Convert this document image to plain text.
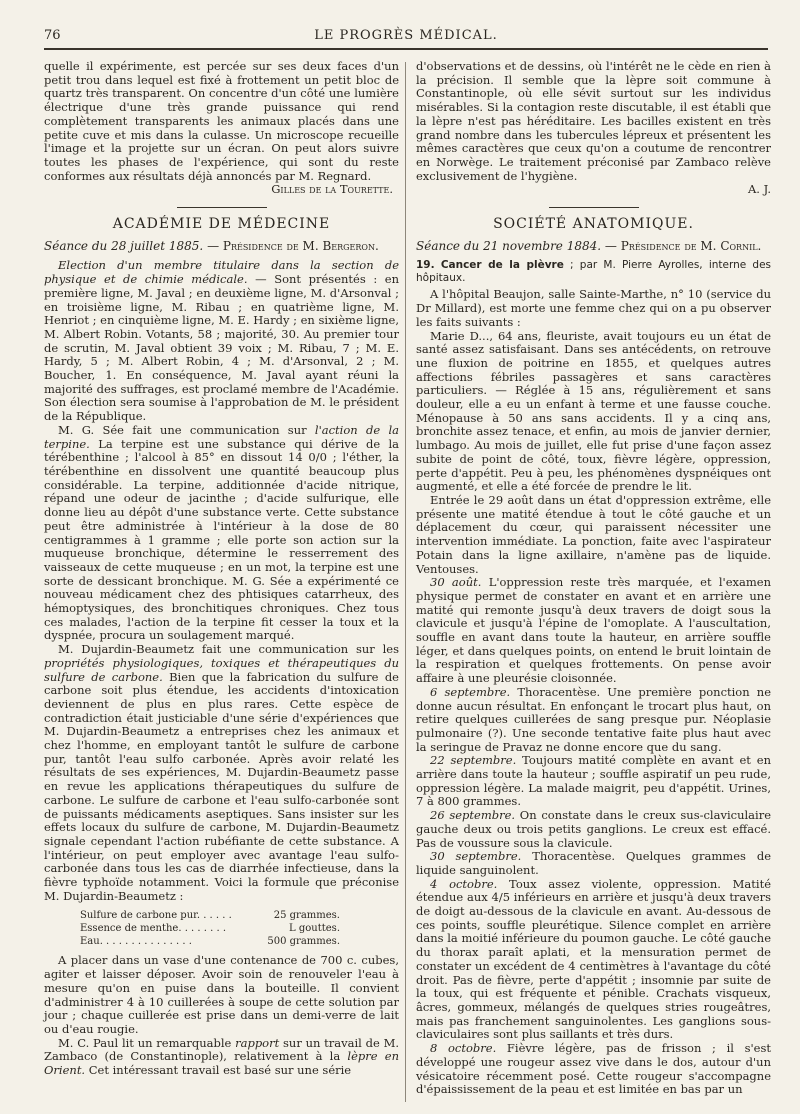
76	LE PROGRÈS MÉDICAL.

quelle il expérimente, est percée sur ses deux faces d'un petit trou dans lequel est fixé à frottement un petit bloc de quartz très transparent. On concentre d'un côté une lumière électrique d'une très grande puissance qui rend complètement transparents les animaux placés dans une petite cuve et mis dans la culasse. Un microscope recueille l'image et la projette sur un écran. On peut alors suivre toutes les phases de l'expérience, qui sont du reste conformes aux résultats déjà annoncés par M. Regnard.

Gilles de la Tourette.

ACADÉMIE DE MÉDECINE

Séance du 28 juillet 1885. — Présidence de M. Bergeron.

Election d'un membre titulaire dans la section de physique et de chimie médicale. — Sont présentés : en première ligne, M. Javal ; en deuxième ligne, M. d'Arsonval ; en troisième ligne, M. Ribau ; en quatrième ligne, M. Henriot ; en cinquième ligne, M. E. Hardy ; en sixième ligne, M. Albert Robin. Votants, 58 ; majorité, 30. Au premier tour de scrutin, M. Javal obtient 39 voix ; M. Ribau, 7 ; M. E. Hardy, 5 ; M. Albert Robin, 4 ; M. d'Arsonval, 2 ; M. Boucher, 1. En conséquence, M. Javal ayant réuni la majorité des suffrages, est proclamé membre de l'Académie. Son élection sera soumise à l'approbation de M. le président de la République.

M. G. Sée fait une communication sur l'action de la terpine. La terpine est une substance qui dérive de la térébenthine ; l'alcool à 85° en dissout 14 0/0 ; l'éther, la térébenthine en dissolvent une quantité beaucoup plus considérable. La terpine, additionnée d'acide nitrique, répand une odeur de jacinthe ; d'acide sulfurique, elle donne lieu au dépôt d'une substance verte. Cette substance peut être administrée à l'intérieur à la dose de 80 centigrammes à 1 gramme ; elle porte son action sur la muqueuse bronchique, détermine le resserrement des vaisseaux de cette muqueuse ; en un mot, la terpine est une sorte de dessicant bronchique. M. G. Sée a expérimenté ce nouveau médicament chez des phtisiques catarrheux, des hémoptysiques, des bronchitiques chroniques. Chez tous ces malades, l'action de la terpine fit cesser la toux et la dyspnée, procura un soulagement marqué.

M. Dujardin-Beaumetz fait une communication sur les propriétés physiologiques, toxiques et thérapeutiques du sulfure de carbone. Bien que la fabrication du sulfure de carbone soit plus étendue, les accidents d'intoxication deviennent de plus en plus rares. Cette espèce de contradiction était justiciable d'une série d'expériences que M. Dujardin-Beaumetz a entreprises chez les animaux et chez l'homme, en employant tantôt le sulfure de carbone pur, tantôt l'eau sulfo carbonée. Après avoir relaté les résultats de ses expériences, M. Dujardin-Beaumetz passe en revue les applications thérapeutiques du sulfure de carbone. Le sulfure de carbone et l'eau sulfo-carbonée sont de puissants médicaments aseptiques. Sans insister sur les effets locaux du sulfure de carbone, M. Dujardin-Beaumetz signale cependant l'action rubéfiante de cette substance. A l'intérieur, on peut employer avec avantage l'eau sulfo-carbonée dans tous les cas de diarrhée infectieuse, dans la fièvre typhoïde notamment. Voici la formule que préconise M. Dujardin-Beaumetz :

Sulfure de carbone pur. . . . . .	25 grammes.
Essence de menthe. . . . . . . .	L gouttes.
Eau. . . . . . . . . . . . . . .	500 grammes.

A placer dans un vase d'une contenance de 700 c. cubes, agiter et laisser déposer. Avoir soin de renouveler l'eau à mesure qu'on en puise dans la bouteille. Il convient d'administrer 4 à 10 cuillerées à soupe de cette solution par jour ; chaque cuillerée est prise dans un demi-verre de lait ou d'eau rougie.

M. C. Paul lit un remarquable rapport sur un travail de M. Zambaco (de Constantinople), relativement à la lèpre en Orient. Cet intéressant travail est basé sur une série

d'observations et de dessins, où l'intérêt ne le cède en rien à la précision. Il semble que la lèpre soit commune à Constantinople, où elle sévit surtout sur les individus misérables. Si la contagion reste discutable, il est établi que la lèpre n'est pas héréditaire. Les bacilles existent en très grand nombre dans les tubercules lépreux et présentent les mêmes caractères que ceux qu'on a coutume de rencontrer en Norwège. Le traitement préconisé par Zambaco relève exclusivement de l'hygiène.

A. J.

SOCIÉTÉ ANATOMIQUE.

Séance du 21 novembre 1884. — Présidence de M. Cornil.

19. Cancer de la plèvre ; par M. Pierre Ayrolles, interne des hôpitaux.

A l'hôpital Beaujon, salle Sainte-Marthe, n° 10 (service du Dr Millard), est morte une femme chez qui on a pu observer les faits suivants :

Marie D..., 64 ans, fleuriste, avait toujours eu un état de santé assez satisfaisant. Dans ses antécédents, on retrouve une fluxion de poitrine en 1855, et quelques autres affections fébriles passagères et sans caractères particuliers. — Réglée à 15 ans, régulièrement et sans douleur, elle a eu un enfant à terme et une fausse couche. Ménopause à 50 ans sans accidents. Il y a cinq ans, bronchite assez tenace, et enfin, au mois de janvier dernier, lumbago. Au mois de juillet, elle fut prise d'une façon assez subite de point de côté, toux, fièvre légère, oppression, perte d'appétit. Peu à peu, les phénomènes dyspnéiques ont augmenté, et elle a été forcée de prendre le lit.

Entrée le 29 août dans un état d'oppression extrême, elle présente une matité étendue à tout le côté gauche et un déplacement du cœur, qui paraissent nécessiter une intervention immédiate. La ponction, faite avec l'aspirateur Potain dans la ligne axillaire, n'amène pas de liquide. Ventouses.

30 août. L'oppression reste très marquée, et l'examen physique permet de constater en avant et en arrière une matité qui remonte jusqu'à deux travers de doigt sous la clavicule et jusqu'à l'épine de l'omoplate. A l'auscultation, souffle en avant dans toute la hauteur, en arrière souffle léger, et dans quelques points, on entend le bruit lointain de la respiration et quelques frottements. On pense avoir affaire à une pleurésie cloisonnée.

6 septembre. Thoracentèse. Une première ponction ne donne aucun résultat. En enfonçant le trocart plus haut, on retire quelques cuillerées de sang presque pur. Néoplasie pulmonaire (?). Une seconde tentative faite plus haut avec la seringue de Pravaz ne donne encore que du sang.

22 septembre. Toujours matité complète en avant et en arrière dans toute la hauteur ; souffle aspiratif un peu rude, oppression légère. La malade maigrit, peu d'appétit. Urines, 7 à 800 grammes.

26 septembre. On constate dans le creux sus-claviculaire gauche deux ou trois petits ganglions. Le creux est effacé. Pas de voussure sous la clavicule.

30 septembre. Thoracentèse. Quelques grammes de liquide sanguinolent.

4 octobre. Toux assez violente, oppression. Matité étendue aux 4/5 inférieurs en arrière et jusqu'à deux travers de doigt au-dessous de la clavicule en avant. Au-dessous de ces points, souffle pleurétique. Silence complet en arrière dans la moitié inférieure du poumon gauche. Le côté gauche du thorax paraît aplati, et la mensuration permet de constater un excédent de 4 centimètres à l'avantage du côté droit. Pas de fièvre, perte d'appétit ; insomnie par suite de la toux, qui est fréquente et pénible. Crachats visqueux, âcres, gommeux, mélangés de quelques stries rougeâtres, mais pas franchement sanguinolentes. Les ganglions sous-claviculaires sont plus saillants et très durs.

8 octobre. Fièvre légère, pas de frisson ; il s'est développé une rougeur assez vive dans le dos, autour d'un vésicatoire récemment posé. Cette rougeur s'accompagne d'épaississement de la peau et est limitée en bas par un
